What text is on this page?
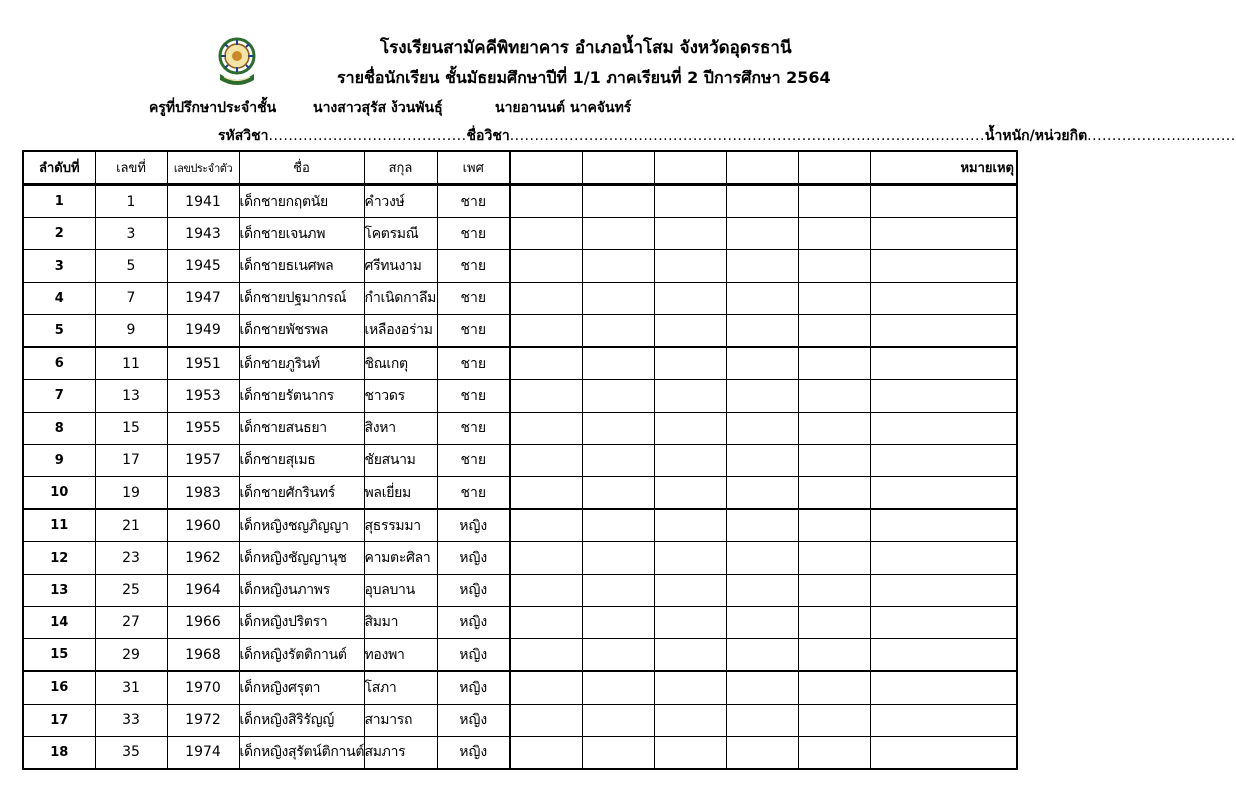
โรงเรียนสามัคคีพิทยาคาร อำเภอน้ำโสม จังหวัดอุดรธานี
รายชื่อนักเรียน ชั้นมัธยมศึกษาปีที่ 1/1 ภาคเรียนที่ 2 ปีการศึกษา 2564
ครูที่ปรึกษาประจำชั้น	นางสาวสุรัส ง้วนพันธุ์	นายอานนต์ นาคจันทร์
รหัสวิชา........................................ชื่อวิชา................................................................................................น้ำหนัก/หน่วยกิต..............................
ลำดับที่	เลขที่	เลขประจำตัว	ชื่อ	สกุล	เพศ						หมายเหตุ
1	1	1941	เด็กชายกฤตนัย	คำวงษ์	ชาย						
2	3	1943	เด็กชายเจนภพ	โคตรมณี	ชาย						
3	5	1945	เด็กชายธเนศพล	ศรีทนงาม	ชาย						
4	7	1947	เด็กชายปฐมากรณ์	กำเนิดกาลึม	ชาย						
5	9	1949	เด็กชายพัชรพล	เหลืองอร่าม	ชาย						
6	11	1951	เด็กชายภูรินท์	ชิณเกตุ	ชาย						
7	13	1953	เด็กชายรัตนากร	ชาวดร	ชาย						
8	15	1955	เด็กชายสนธยา	สิงหา	ชาย						
9	17	1957	เด็กชายสุเมธ	ชัยสนาม	ชาย						
10	19	1983	เด็กชายศักรินทร์	พลเยี่ยม	ชาย						
11	21	1960	เด็กหญิงชญภิญญา	สุธรรมมา	หญิง						
12	23	1962	เด็กหญิงชัญญานุช	คามตะศิลา	หญิง						
13	25	1964	เด็กหญิงนภาพร	อุบลบาน	หญิง						
14	27	1966	เด็กหญิงปริตรา	สิมมา	หญิง						
15	29	1968	เด็กหญิงรัตติกานต์	ทองพา	หญิง						
16	31	1970	เด็กหญิงศรุตา	โสภา	หญิง						
17	33	1972	เด็กหญิงสิริรัญญ์	สามารถ	หญิง						
18	35	1974	เด็กหญิงสุรัตน์ติกานต์	สมภาร	หญิง						
